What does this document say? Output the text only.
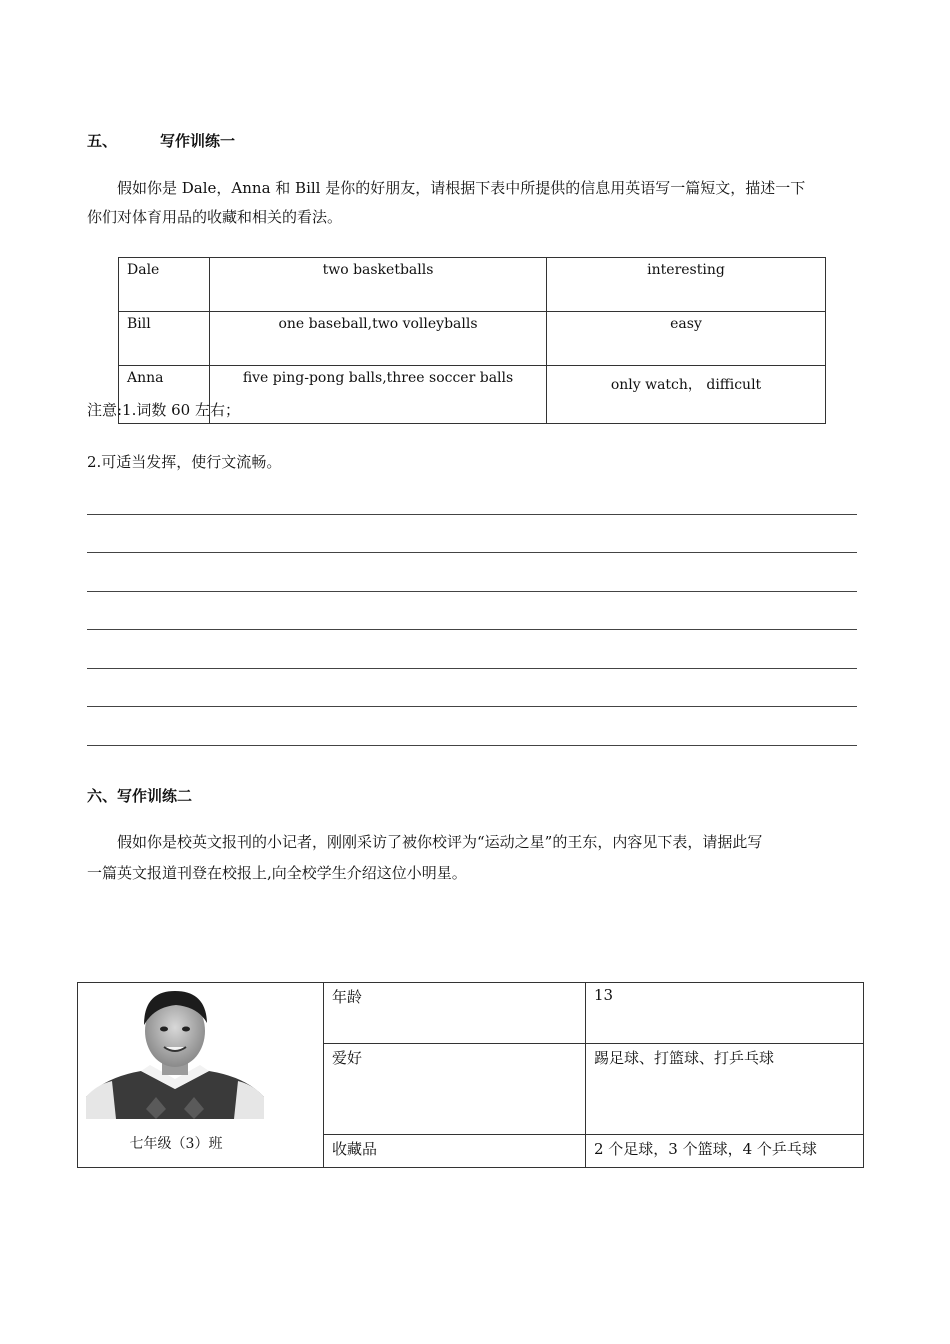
五、	写作训练一
假如你是 Dale，Anna 和 Bill 是你的好朋友，请根据下表中所提供的信息用英语写一篇短文，描述一下
你们对体育用品的收藏和相关的看法。
Dale	two basketballs	interesting
Bill	one baseball,two volleyballs	easy
Anna	five ping-pong balls,three soccer balls	only watch， difficult
注意:1.词数 60 左右；
2.可适当发挥，使行文流畅。
六、写作训练二
假如你是校英文报刊的小记者，刚刚采访了被你校评为“运动之星”的王东，内容见下表，请据此写
一篇英文报道刊登在校报上,向全校学生介绍这位小明星。
七年级（3）班	年龄	13
	爱好	踢足球、打篮球、打乒乓球
	收藏品	2 个足球，3 个篮球，4 个乒乓球
